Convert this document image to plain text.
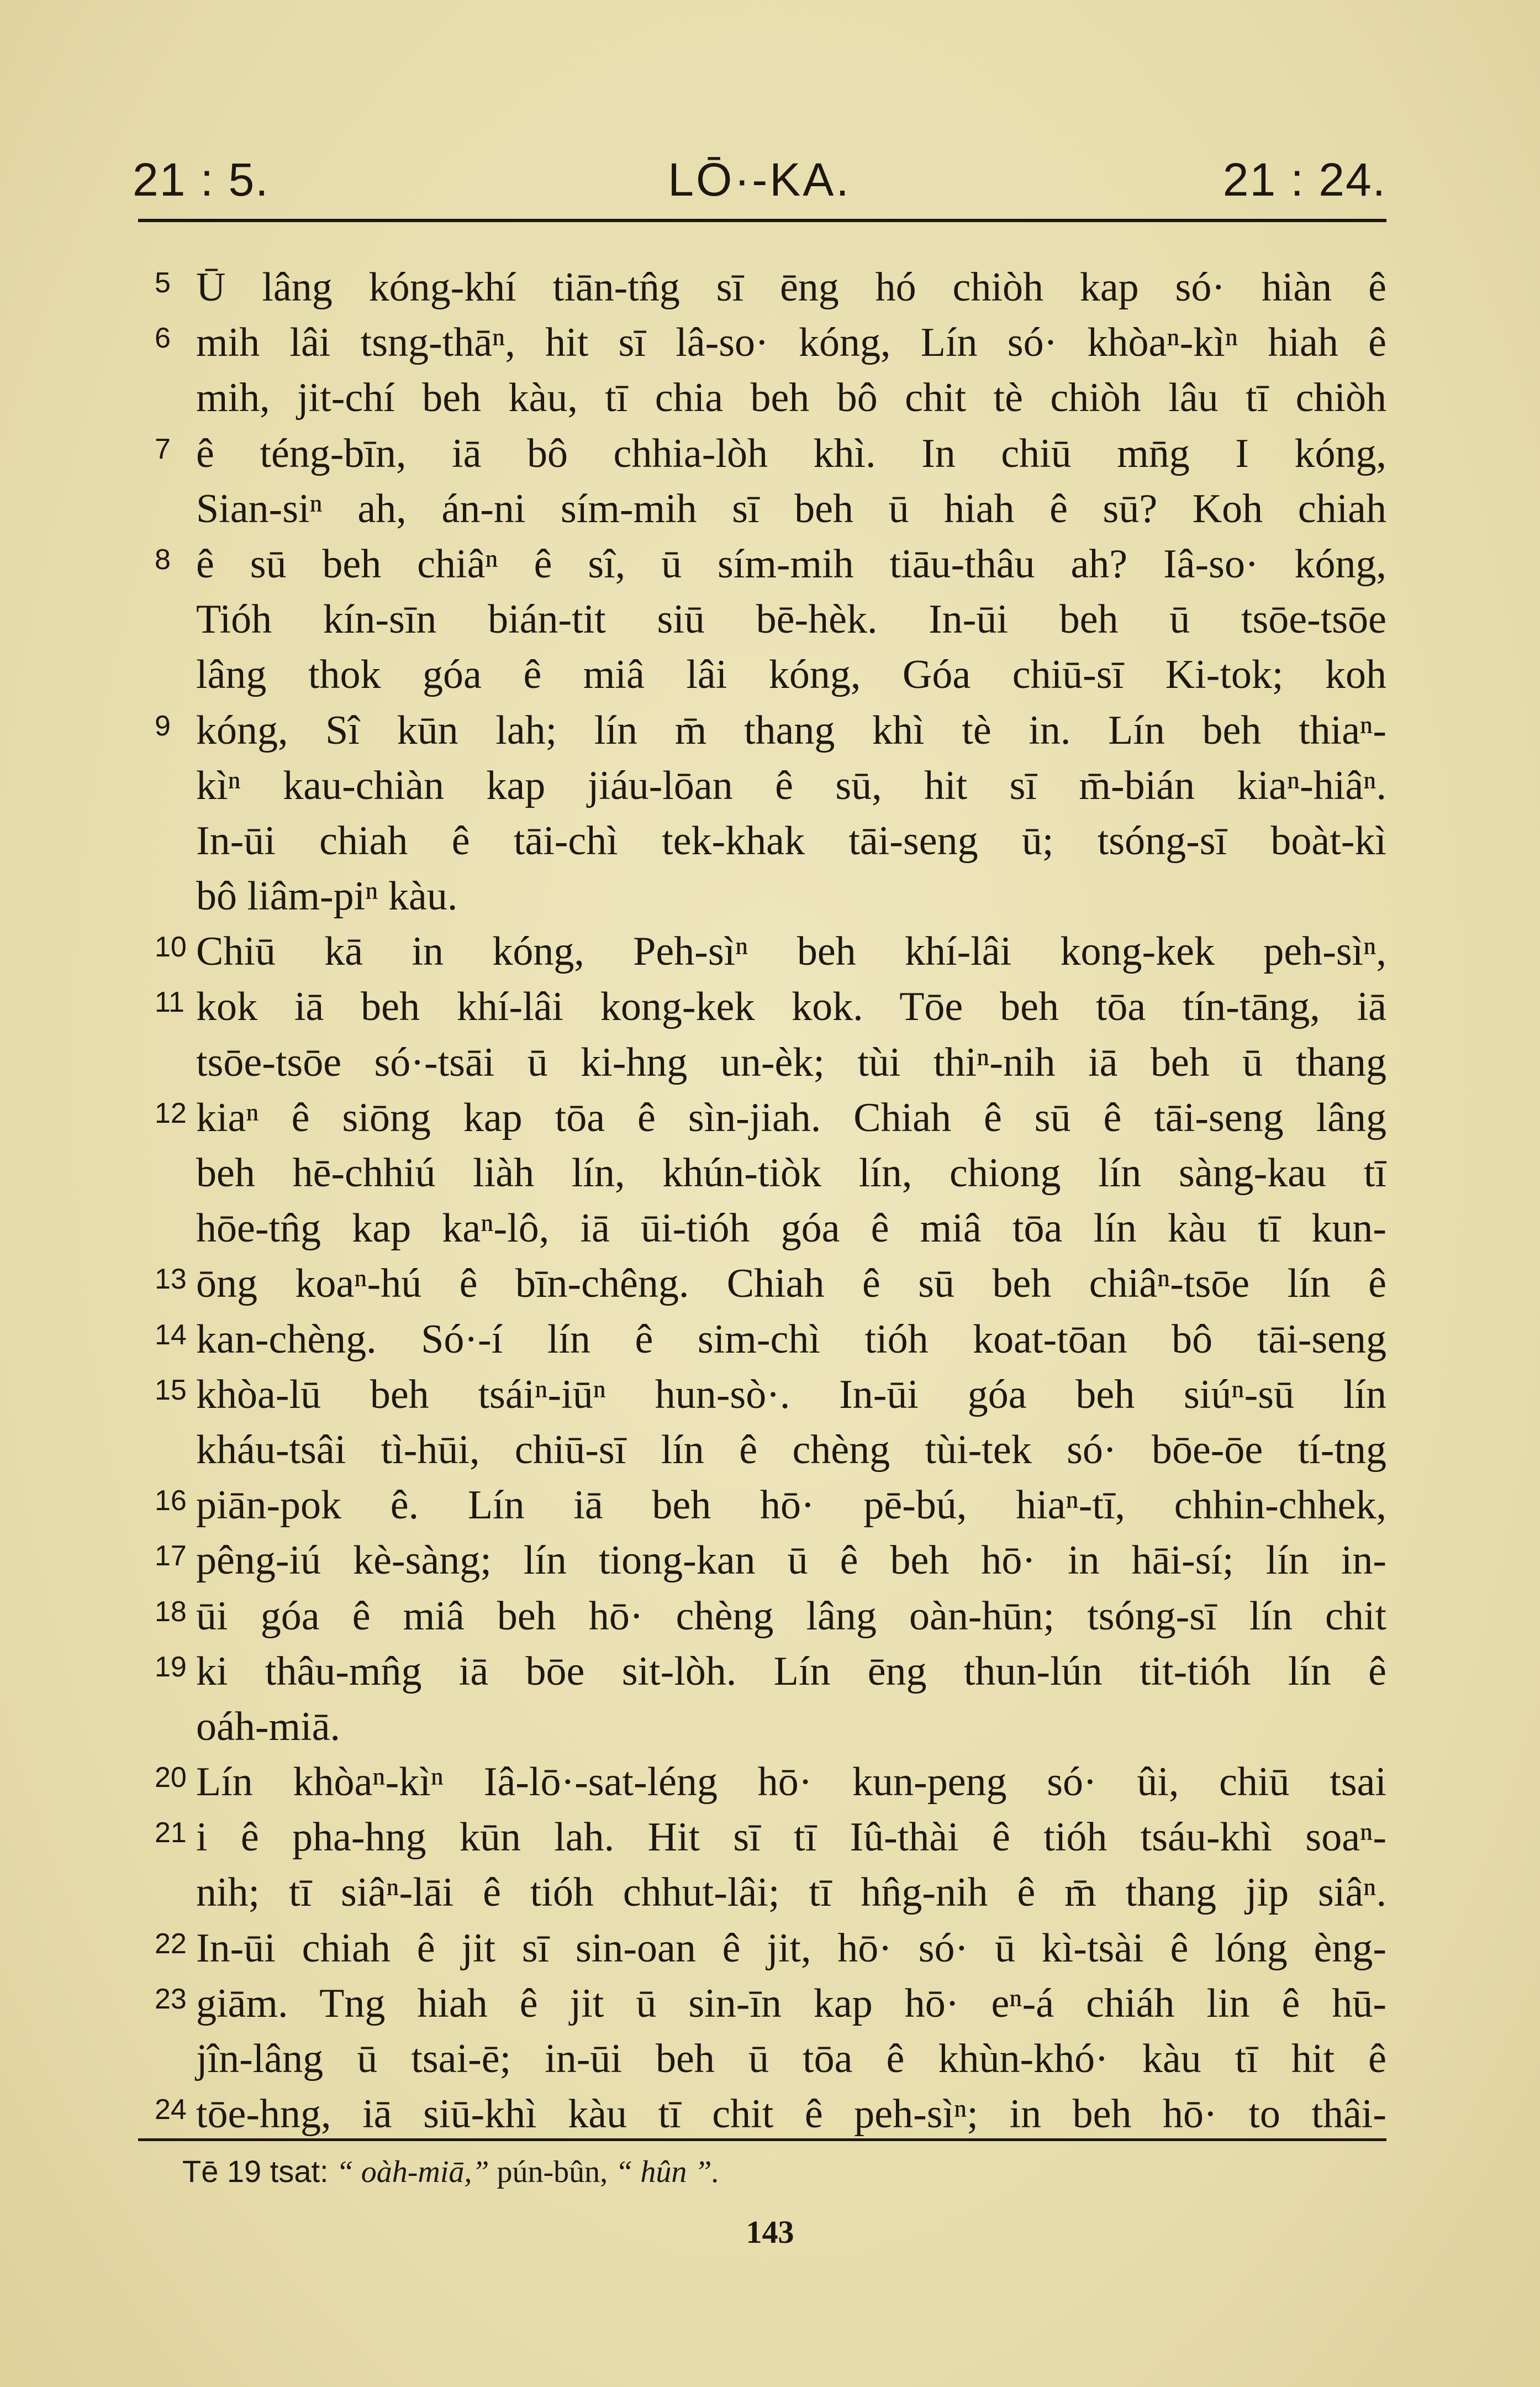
21 : 5.	LŌ·-KA.	21 : 24.
5 Ū lâng kóng-khí tiān-tn̂g sī ēng hó chiòh kap só· hiàn ê
6 mih lâi tsng-thāⁿ, hit sī lâ-so· kóng, Lín só· khòaⁿ-kìⁿ hiah ê
mih, jit-chí beh kàu, tī chia beh bô chit tè chiòh lâu tī chiòh
7 ê téng-bīn, iā bô chhia-lòh khì. In chiū mn̄g I kóng,
Sian-siⁿ ah, án-ni sím-mih sī beh ū hiah ê sū? Koh chiah
8 ê sū beh chiâⁿ ê sî, ū sím-mih tiāu-thâu ah? Iâ-so· kóng,
Tióh kín-sīn bián-tit siū bē-hèk. In-ūi beh ū tsōe-tsōe
lâng thok góa ê miâ lâi kóng, Góa chiū-sī Ki-tok; koh
9 kóng, Sî kūn lah; lín m̄ thang khì tè in. Lín beh thiaⁿ-
kìⁿ kau-chiàn kap jiáu-lōan ê sū, hit sī m̄-bián kiaⁿ-hiâⁿ.
In-ūi chiah ê tāi-chì tek-khak tāi-seng ū; tsóng-sī boàt-kì
bô liâm-piⁿ kàu.
10 Chiū kā in kóng, Peh-sìⁿ beh khí-lâi kong-kek peh-sìⁿ,
11 kok iā beh khí-lâi kong-kek kok. Tōe beh tōa tín-tāng, iā
tsōe-tsōe só·-tsāi ū ki-hng un-èk; tùi thiⁿ-nih iā beh ū thang
12 kiaⁿ ê siōng kap tōa ê sìn-jiah. Chiah ê sū ê tāi-seng lâng
beh hē-chhiú liàh lín, khún-tiòk lín, chiong lín sàng-kau tī
hōe-tn̂g kap kaⁿ-lô, iā ūi-tióh góa ê miâ tōa lín kàu tī kun-
13 ōng koaⁿ-hú ê bīn-chêng. Chiah ê sū beh chiâⁿ-tsōe lín ê
14 kan-chèng. Só·-í lín ê sim-chì tióh koat-tōan bô tāi-seng
15 khòa-lū beh tsáiⁿ-iūⁿ hun-sò·. In-ūi góa beh siúⁿ-sū lín
kháu-tsâi tì-hūi, chiū-sī lín ê chèng tùi-tek só· bōe-ōe tí-tng
16 piān-pok ê. Lín iā beh hō· pē-bú, hiaⁿ-tī, chhin-chhek,
17 pêng-iú kè-sàng; lín tiong-kan ū ê beh hō· in hāi-sí; lín in-
18 ūi góa ê miâ beh hō· chèng lâng oàn-hūn; tsóng-sī lín chit
19 ki thâu-mn̂g iā bōe sit-lòh. Lín ēng thun-lún tit-tióh lín ê
oáh-miā.
20 Lín khòaⁿ-kìⁿ Iâ-lō·-sat-léng hō· kun-peng só· ûi, chiū tsai
21 i ê pha-hng kūn lah. Hit sī tī Iû-thài ê tióh tsáu-khì soaⁿ-
nih; tī siâⁿ-lāi ê tióh chhut-lâi; tī hn̂g-nih ê m̄ thang jip siâⁿ.
22 In-ūi chiah ê jit sī sin-oan ê jit, hō· só· ū kì-tsài ê lóng èng-
23 giām. Tng hiah ê jit ū sin-īn kap hō· eⁿ-á chiáh lin ê hū-
jîn-lâng ū tsai-ē; in-ūi beh ū tōa ê khùn-khó· kàu tī hit ê
24 tōe-hng, iā siū-khì kàu tī chit ê peh-sìⁿ; in beh hō· to thâi-
Tē 19 tsat: “ oàh-miā,” pún-bûn, “ hûn ”.
143
